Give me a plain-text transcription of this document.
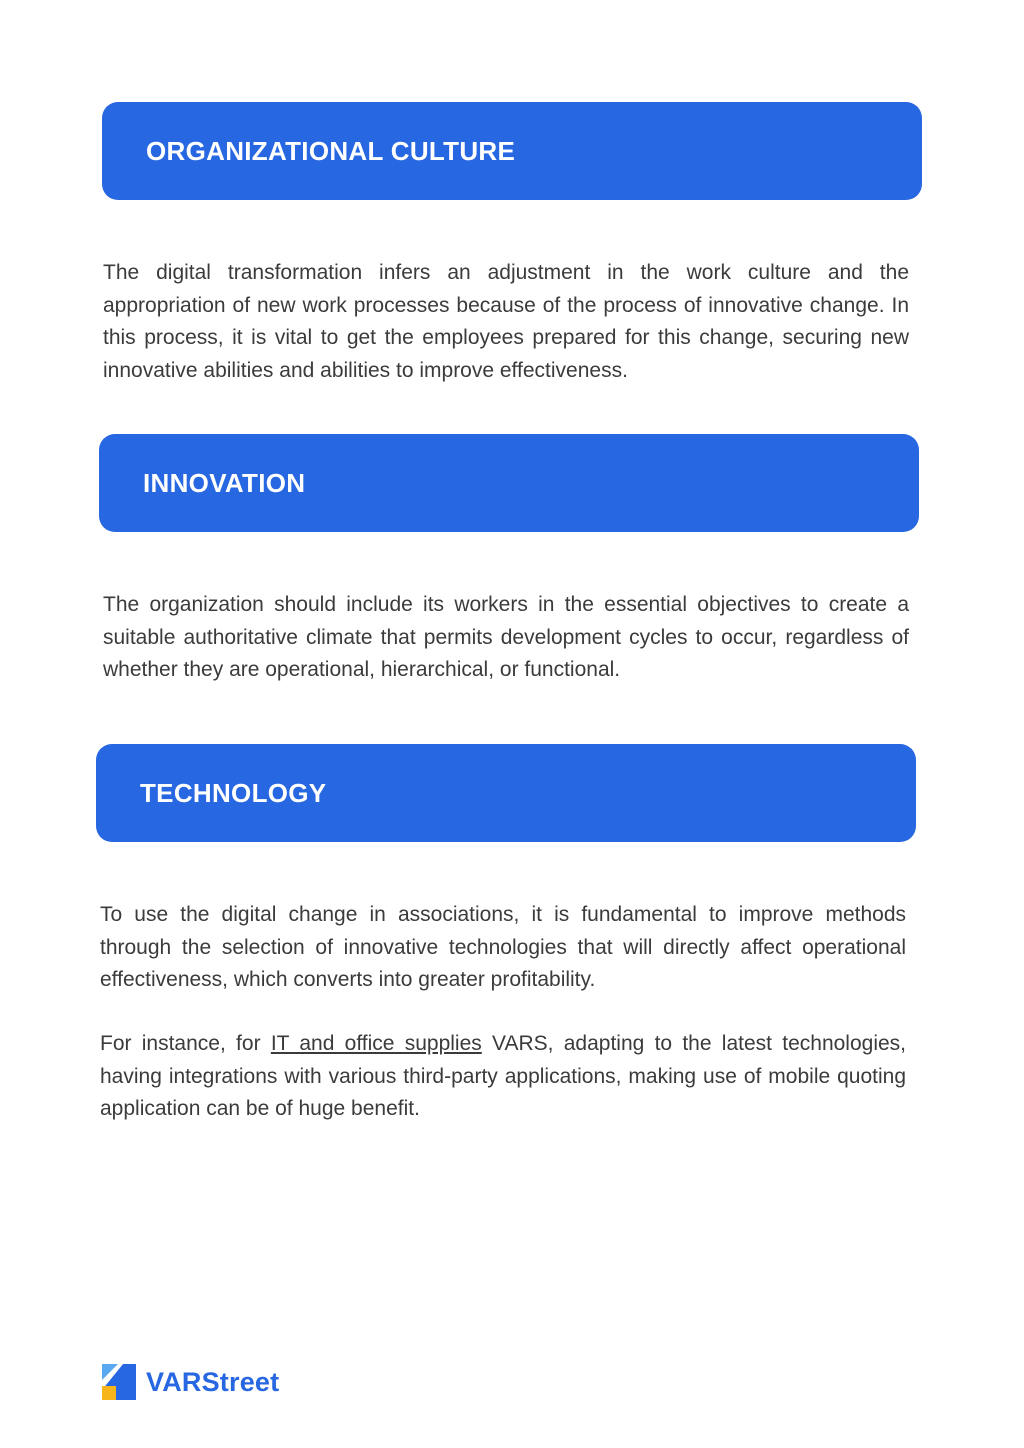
ORGANIZATIONAL CULTURE

The digital transformation infers an adjustment in the work culture and the appropriation of new work processes because of the process of innovative change. In this process, it is vital to get the employees prepared for this change, securing new innovative abilities and abilities to improve effectiveness.

INNOVATION

The organization should include its workers in the essential objectives to create a suitable authoritative climate that permits development cycles to occur, regardless of whether they are operational, hierarchical, or functional.

TECHNOLOGY

To use the digital change in associations, it is fundamental to improve methods through the selection of innovative technologies that will directly affect operational effectiveness, which converts into greater profitability.

For instance, for IT and office supplies VARS, adapting to the latest technologies, having integrations with various third-party applications, making use of mobile quoting application can be of huge benefit.

VARStreet
